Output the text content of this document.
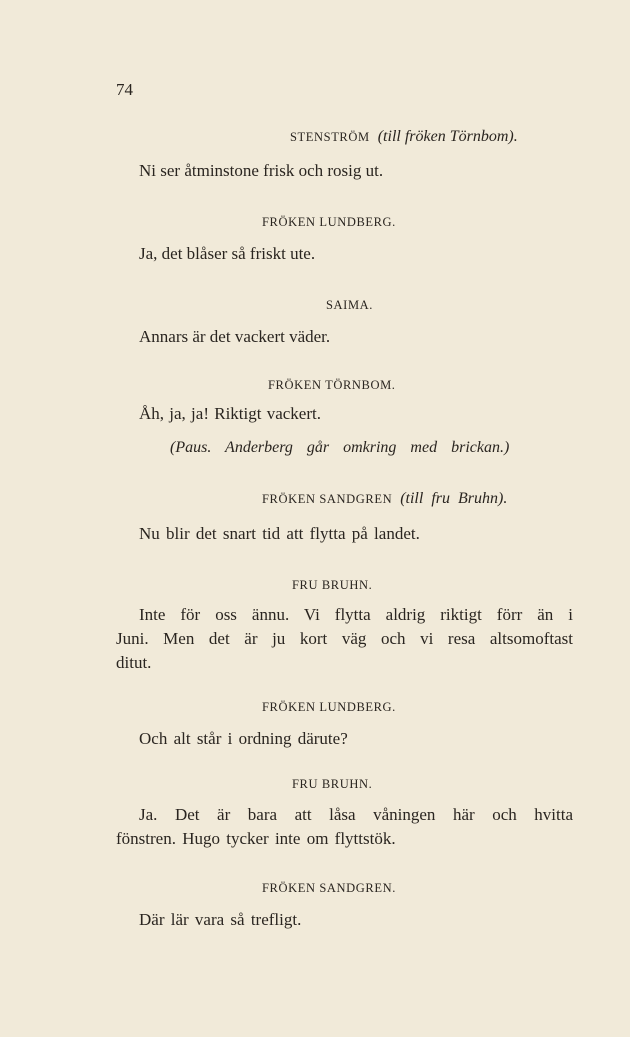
74
STENSTRÖM (till fröken Törnbom).
Ni ser åtminstone frisk och rosig ut.
FRÖKEN LUNDBERG.
Ja, det blåser så friskt ute.
SAIMA.
Annars är det vackert väder.
FRÖKEN TÖRNBOM.
Åh, ja, ja! Riktigt vackert.
(Paus. Anderberg går omkring med brickan.)
FRÖKEN SANDGREN (till fru Bruhn).
Nu blir det snart tid att flytta på landet.
FRU BRUHN.
Inte för oss ännu. Vi flytta aldrig riktigt förr än i
Juni. Men det är ju kort väg och vi resa altsomoftast
ditut.
FRÖKEN LUNDBERG.
Och alt står i ordning därute?
FRU BRUHN.
Ja. Det är bara att låsa våningen här och hvitta
fönstren. Hugo tycker inte om flyttstök.
FRÖKEN SANDGREN.
Där lär vara så trefligt.
